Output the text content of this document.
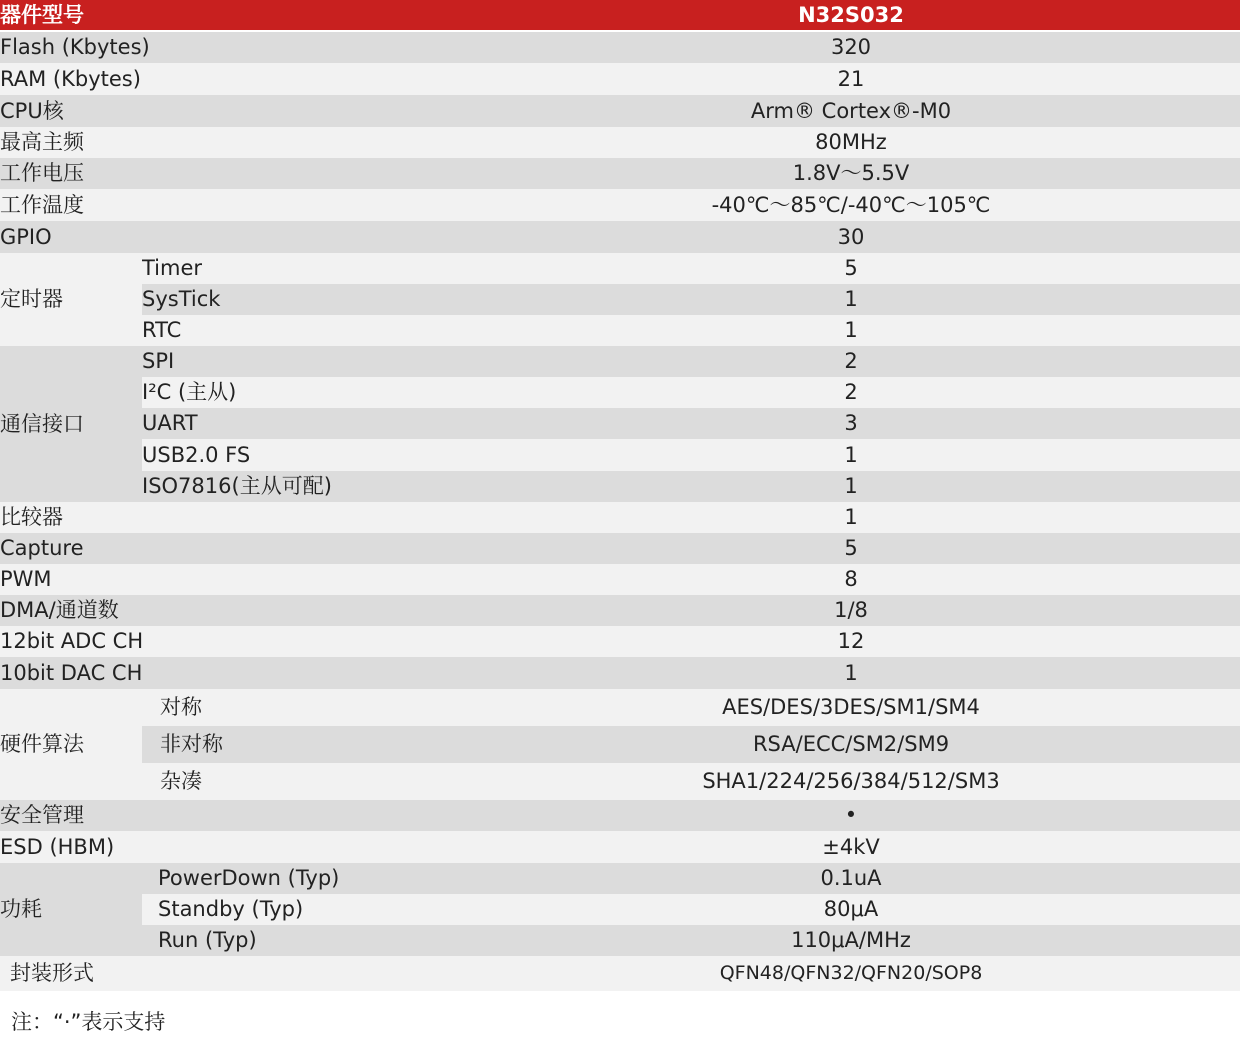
器件型号		N32S032
Flash (Kbytes)		320
RAM (Kbytes)		21
CPU核		Arm® Cortex®-M0
最高主频		80MHz
工作电压		1.8V～5.5V
工作温度		-40℃～85℃/-40℃～105℃
GPIO		30
定时器	Timer	5
	SysTick	1
	RTC	1
通信接口	SPI	2
	I²C (主从)	2
	UART	3
	USB2.0 FS	1
	ISO7816(主从可配)	1
比较器		1
Capture		5
PWM		8
DMA/通道数		1/8
12bit ADC CH		12
10bit DAC CH		1
硬件算法	对称	AES/DES/3DES/SM1/SM4
	非对称	RSA/ECC/SM2/SM9
	杂凑	SHA1/224/256/384/512/SM3
安全管理		•
ESD (HBM)		±4kV
功耗	PowerDown (Typ)	0.1uA
	Standby (Typ)	80μA
	Run (Typ)	110μA/MHz
封装形式		QFN48/QFN32/QFN20/SOP8
注：“·”表示支持
